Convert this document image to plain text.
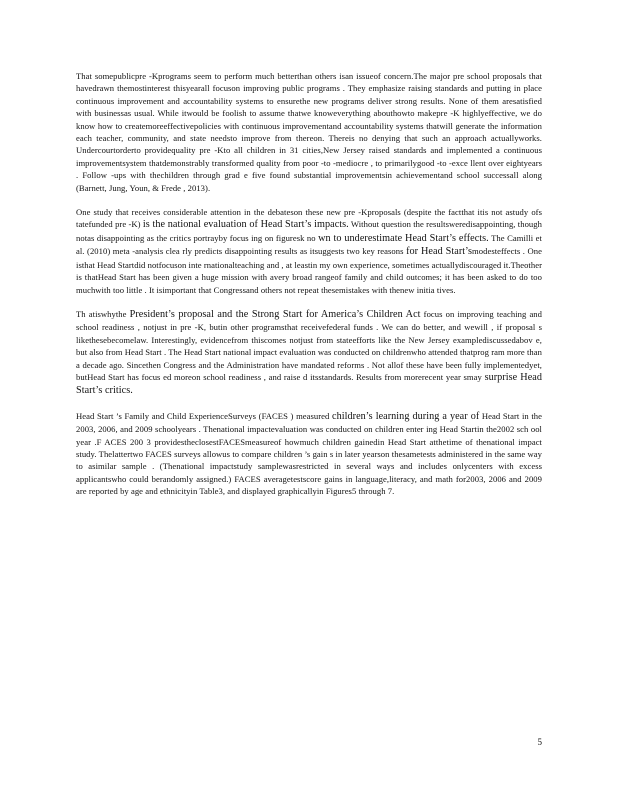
That somepublicpre -Kprograms seem to perform much betterthan others isan issueof concern.The major pre school proposals that havedrawn themostinterest thisyearall focuson improving public programs . They emphasize raising standards and putting in place continuous improvement and accountability systems to ensurethe new programs deliver strong results. None of them aresatisfied with businessas usual. While itwould be foolish to assume thatwe knoweverything abouthowto makepre -K highlyeffective, we do know how to createmoreeffectivepolicies with continuous improvementand accountability systems thatwill generate the information each teacher, community, and state needsto improve from thereon. Thereis no denying that such an approach actuallyworks. Undercourtorderto providequality pre -Kto all children in 31 cities,New Jersey raised standards and implemented a continuous improvementsystem thatdemonstrably transformed quality from poor -to -mediocre , to primarilygood -to -exce llent over eightyears . Follow -ups with thechildren through grad e five found substantial improvementsin achievementand school successall along (Barnett, Jung, Youn, & Frede , 2013).

One study that receives considerable attention in the debateson these new pre -Kproposals (despite the factthat itis not astudy ofs tatefunded pre -K) is the national evaluation of Head Start’s impacts. Without question the resultsweredisappointing, though notas disappointing as the critics portrayby focus ing on figuresk no wn to underestimate Head Start’s effects. The Camilli et al. (2010) meta -analysis clea rly predicts disappointing results as itsuggests two key reasons for Head Start’smodesteffects . One isthat Head Startdid notfocuson inte rnationalteaching and , at leastin my own experience, sometimes actuallydiscouraged it.Theother is thatHead Start has been given a huge mission with avery broad rangeof family and child outcomes; it has been asked to do too muchwith too little . It isimportant that Congressand others not repeat thesemistakes with thenew initia tives.

Th atiswhythe President’s proposal and the Strong Start for America’s Children Act focus on improving teaching and school readiness , notjust in pre -K, butin other programsthat receivefederal funds . We can do better, and wewill , if proposal s likethesebecomelaw. Interestingly, evidencefrom thiscomes notjust from stateefforts like the New Jersey examplediscussedabov e, but also from Head Start . The Head Start national impact evaluation was conducted on childrenwho attended thatprog ram more than a decade ago. Sincethen Congress and the Administration have mandated reforms . Not allof these have been fully implementedyet, butHead Start has focus ed moreon school readiness , and raise d itsstandards. Results from morerecent year smay surprise Head Start’s critics.

Head Start ’s Family and Child ExperienceSurveys (FACES ) measured children’s learning during a year of Head Start in the 2003, 2006, and 2009 schoolyears . Thenational impactevaluation was conducted on children enter ing Head Startin the2002 sch ool year .F ACES 200 3 providestheclosestFACESmeasureof howmuch children gainedin Head Start atthetime of thenational impact study. Thelattertwo FACES surveys allowus to compare children ’s gain s in later yearson thesametests administered in the same way to asimilar sample . (Thenational impactstudy samplewasrestricted in several ways and includes onlycenters with excess applicantswho could berandomly assigned.) FACES averagetestscore gains in language,literacy, and math for2003, 2006 and 2009 are reported by age and ethnicityin Table3, and displayed graphicallyin Figures5 through 7.

5
